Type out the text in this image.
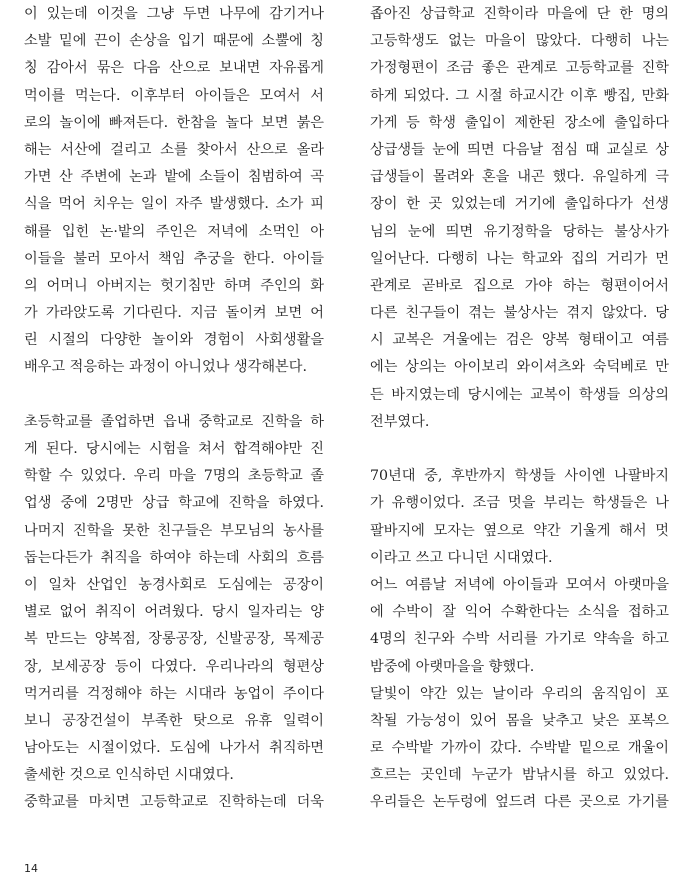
이 있는데 이것을 그냥 두면 나무에 감기거나
소발 밑에 끈이 손상을 입기 때문에 소뿔에 칭
칭 감아서 묶은 다음 산으로 보내면 자유롭게
먹이를 먹는다. 이후부터 아이들은 모여서 서
로의 놀이에 빠져든다. 한참을 놀다 보면 붉은
해는 서산에 걸리고 소를 찾아서 산으로 올라
가면 산 주변에 논과 밭에 소들이 침범하여 곡
식을 먹어 치우는 일이 자주 발생했다. 소가 피
해를 입힌 논·밭의 주인은 저녁에 소먹인 아
이들을 불러 모아서 책임 추궁을 한다. 아이들
의 어머니 아버지는 헛기침만 하며 주인의 화
가 가라앉도록 기다린다. 지금 돌이켜 보면 어
린 시절의 다양한 놀이와 경험이 사회생활을
배우고 적응하는 과정이 아니었나 생각해본다.
초등학교를 졸업하면 읍내 중학교로 진학을 하
게 된다. 당시에는 시험을 쳐서 합격해야만 진
학할 수 있었다. 우리 마을 7명의 초등학교 졸
업생 중에 2명만 상급 학교에 진학을 하였다.
나머지 진학을 못한 친구들은 부모님의 농사를
돕는다든가 취직을 하여야 하는데 사회의 흐름
이 일차 산업인 농경사회로 도심에는 공장이
별로 없어 취직이 어려웠다. 당시 일자리는 양
복 만드는 양복점, 장롱공장, 신발공장, 목제공
장, 보세공장 등이 다였다. 우리나라의 형편상
먹거리를 걱정해야 하는 시대라 농업이 주이다
보니 공장건설이 부족한 탓으로 유휴 일력이
남아도는 시절이었다. 도심에 나가서 취직하면
출세한 것으로 인식하던 시대였다.
중학교를 마치면 고등학교로 진학하는데 더욱
좁아진 상급학교 진학이라 마을에 단 한 명의
고등학생도 없는 마을이 많았다. 다행히 나는
가정형편이 조금 좋은 관계로 고등학교를 진학
하게 되었다. 그 시절 하교시간 이후 빵집, 만화
가게 등 학생 출입이 제한된 장소에 출입하다
상급생들 눈에 띄면 다음날 점심 때 교실로 상
급생들이 몰려와 혼을 내곤 했다. 유일하게 극
장이 한 곳 있었는데 거기에 출입하다가 선생
님의 눈에 띄면 유기정학을 당하는 불상사가
일어난다. 다행히 나는 학교와 집의 거리가 먼
관계로 곧바로 집으로 가야 하는 형편이어서
다른 친구들이 겪는 불상사는 겪지 않았다. 당
시 교복은 겨울에는 검은 양복 형태이고 여름
에는 상의는 아이보리 와이셔츠와 숙덕베로 만
든 바지였는데 당시에는 교복이 학생들 의상의
전부였다.
70년대 중, 후반까지 학생들 사이엔 나팔바지
가 유행이었다. 조금 멋을 부리는 학생들은 나
팔바지에 모자는 옆으로 약간 기울게 해서 멋
이라고 쓰고 다니던 시대였다.
어느 여름날 저녁에 아이들과 모여서 아랫마을
에 수박이 잘 익어 수확한다는 소식을 접하고
4명의 친구와 수박 서리를 가기로 약속을 하고
밤중에 아랫마을을 향했다.
달빛이 약간 있는 날이라 우리의 움직임이 포
착될 가능성이 있어 몸을 낮추고 낮은 포복으
로 수박밭 가까이 갔다. 수박밭 밑으로 개울이
흐르는 곳인데 누군가 밤낚시를 하고 있었다.
우리들은 논두렁에 엎드려 다른 곳으로 가기를
14
